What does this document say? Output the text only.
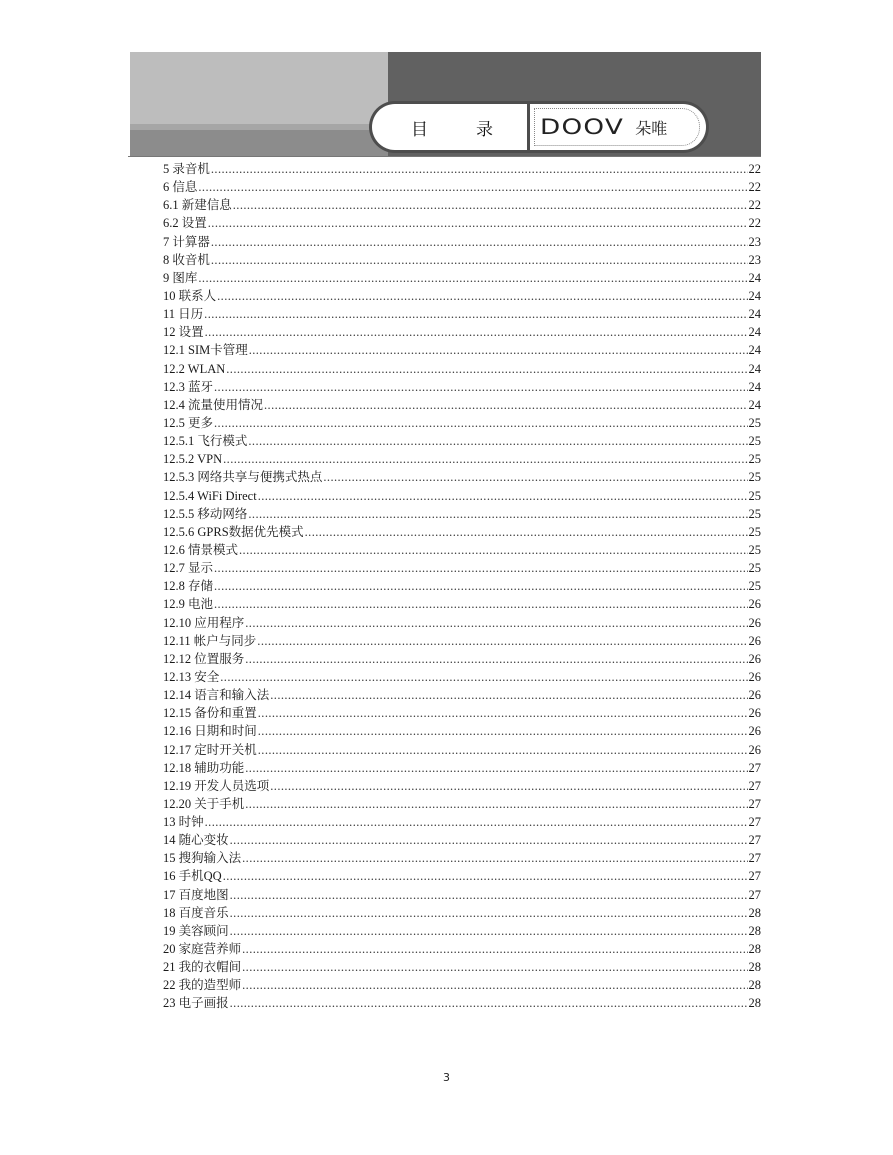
目	录 DOOV 朵唯
5 录音机 .....	22
6 信息 .....	22
6.1 新建信息 .....	22
6.2 设置 .....	22
7 计算器 .....	23
8 收音机 .....	23
9 图库 .....	24
10 联系人 .....	24
11 日历 .....	24
12 设置 .....	24
12.1 SIM卡管理 .....	24
12.2 WLAN .....	24
12.3 蓝牙 .....	24
12.4 流量使用情况 .....	24
12.5 更多 .....	25
12.5.1 飞行模式 .....	25
12.5.2 VPN .....	25
12.5.3 网络共享与便携式热点 .....	25
12.5.4 WiFi Direct .....	25
12.5.5 移动网络 .....	25
12.5.6 GPRS数据优先模式 .....	25
12.6 情景模式 .....	25
12.7 显示 .....	25
12.8 存储 .....	25
12.9 电池 .....	26
12.10 应用程序 .....	26
12.11 帐户与同步 .....	26
12.12 位置服务 .....	26
12.13 安全 .....	26
12.14 语言和输入法 .....	26
12.15 备份和重置 .....	26
12.16 日期和时间 .....	26
12.17 定时开关机 .....	26
12.18 辅助功能 .....	27
12.19 开发人员选项 .....	27
12.20 关于手机 .....	27
13 时钟 .....	27
14 随心变妆 .....	27
15 搜狗输入法 .....	27
16 手机QQ .....	27
17 百度地图 .....	27
18 百度音乐 .....	28
19 美容顾问 .....	28
20 家庭营养师 .....	28
21 我的衣帽间 .....	28
22 我的造型师 .....	28
23 电子画报 .....	28
3
